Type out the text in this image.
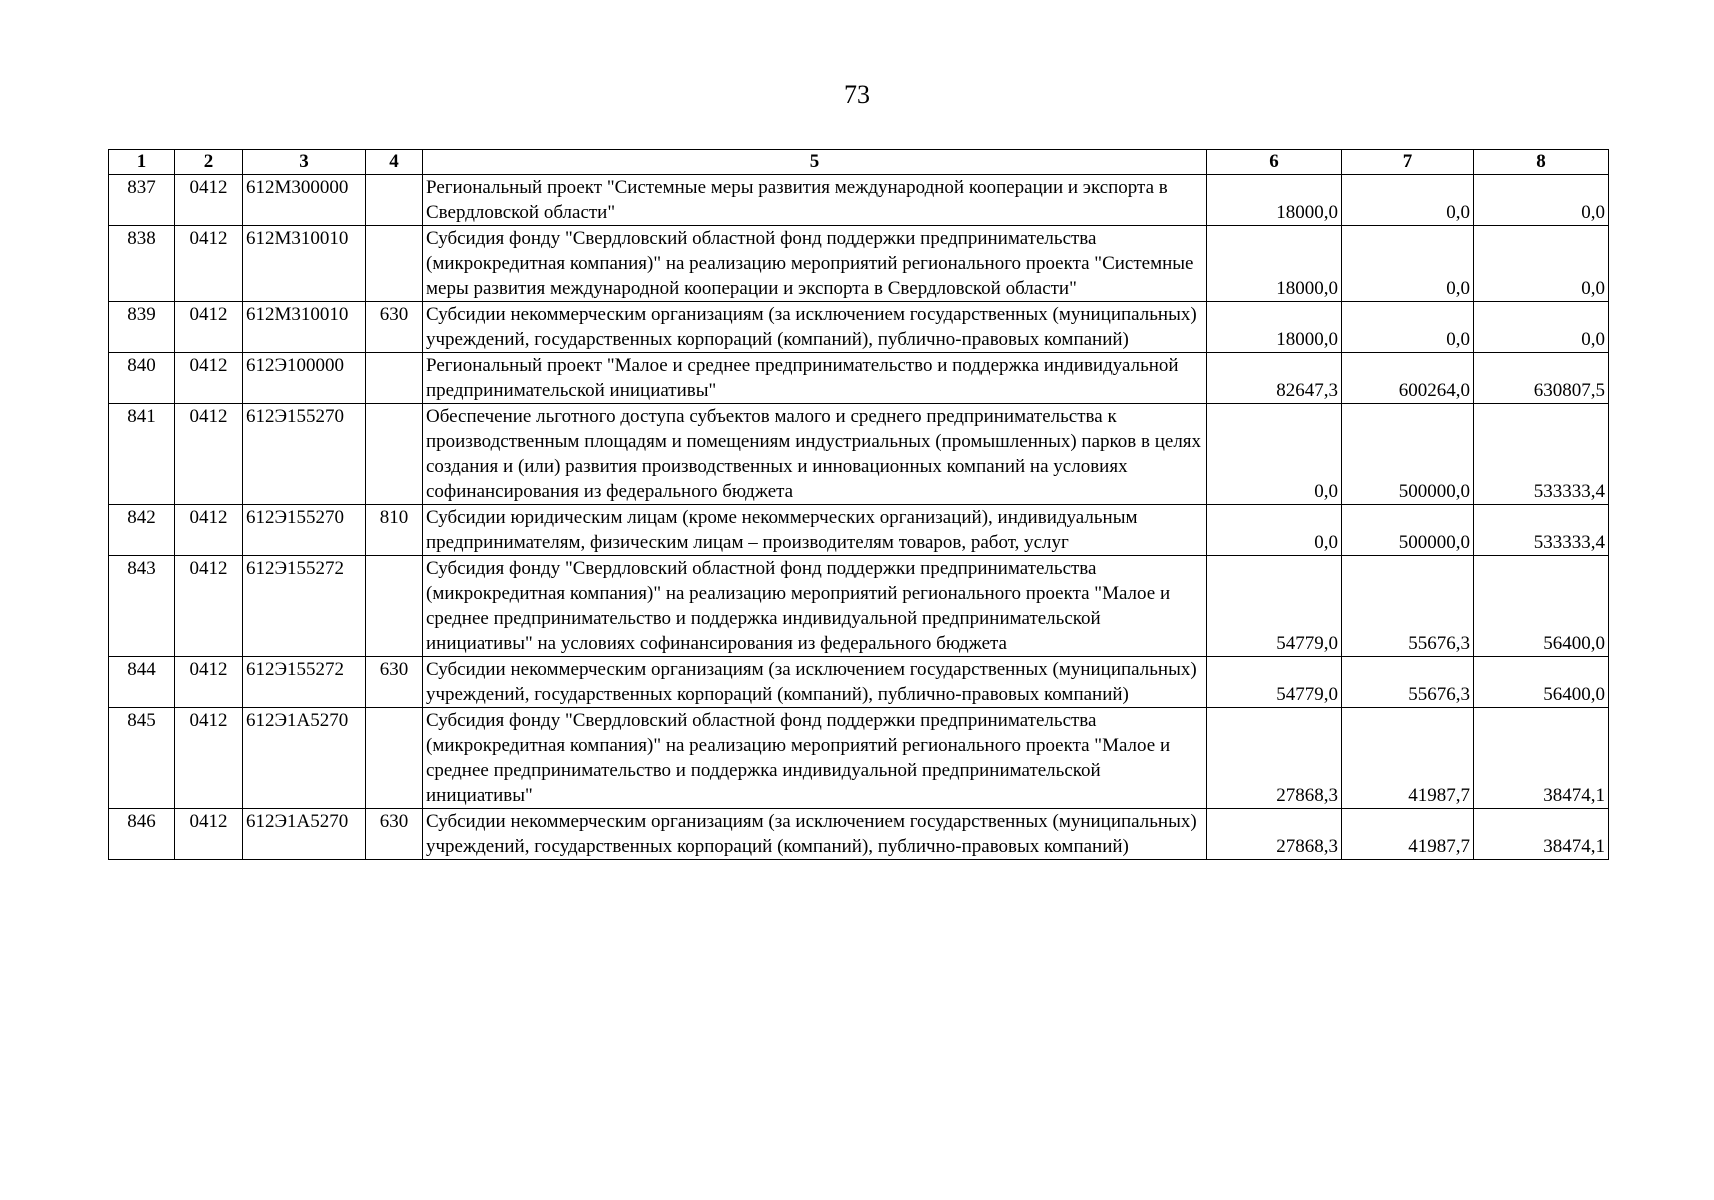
73
1	2	3	4	5	6	7	8
837	0412	612М300000		Региональный проект "Системные меры развития международной кооперации и экспорта в Свердловской области"	18000,0	0,0	0,0
838	0412	612М310010		Субсидия фонду "Свердловский областной фонд поддержки предпринимательства (микрокредитная компания)" на реализацию мероприятий регионального проекта "Системные меры развития международной кооперации и экспорта в Свердловской области"	18000,0	0,0	0,0
839	0412	612М310010	630	Субсидии некоммерческим организациям (за исключением государственных (муниципальных) учреждений, государственных корпораций (компаний), публично-правовых компаний)	18000,0	0,0	0,0
840	0412	612Э100000		Региональный проект "Малое и среднее предпринимательство и поддержка индивидуальной предпринимательской инициативы"	82647,3	600264,0	630807,5
841	0412	612Э155270		Обеспечение льготного доступа субъектов малого и среднего предпринимательства к производственным площадям и помещениям индустриальных (промышленных) парков в целях создания и (или) развития производственных и инновационных компаний на условиях софинансирования из федерального бюджета	0,0	500000,0	533333,4
842	0412	612Э155270	810	Субсидии юридическим лицам (кроме некоммерческих организаций), индивидуальным предпринимателям, физическим лицам – производителям товаров, работ, услуг	0,0	500000,0	533333,4
843	0412	612Э155272		Субсидия фонду "Свердловский областной фонд поддержки предпринимательства (микрокредитная компания)" на реализацию мероприятий регионального проекта "Малое и среднее предпринимательство и поддержка индивидуальной предпринимательской инициативы" на условиях софинансирования из федерального бюджета	54779,0	55676,3	56400,0
844	0412	612Э155272	630	Субсидии некоммерческим организациям (за исключением государственных (муниципальных) учреждений, государственных корпораций (компаний), публично-правовых компаний)	54779,0	55676,3	56400,0
845	0412	612Э1А5270		Субсидия фонду "Свердловский областной фонд поддержки предпринимательства (микрокредитная компания)" на реализацию мероприятий регионального проекта "Малое и среднее предпринимательство и поддержка индивидуальной предпринимательской инициативы"	27868,3	41987,7	38474,1
846	0412	612Э1А5270	630	Субсидии некоммерческим организациям (за исключением государственных (муниципальных) учреждений, государственных корпораций (компаний), публично-правовых компаний)	27868,3	41987,7	38474,1
